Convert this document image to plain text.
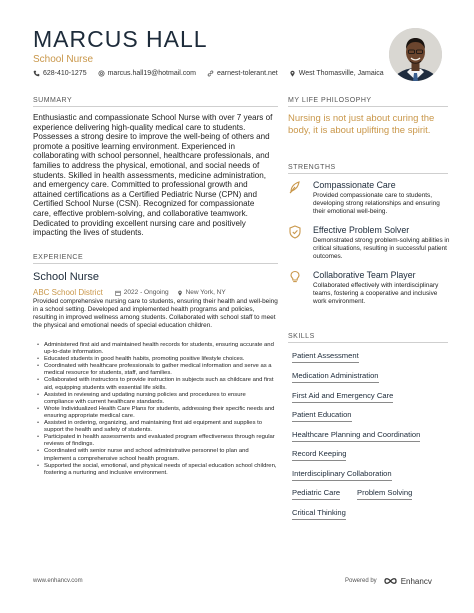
MARCUS HALL
School Nurse
628-410-1275	marcus.hall19@hotmail.com	earnest-tolerant.net	West Thomasville, Jamaica
SUMMARY
Enthusiastic and compassionate School Nurse with over 7 years of experience delivering high-quality medical care to students. Possesses a strong desire to improve the well-being of others and promote a positive learning environment. Experienced in collaborating with school personnel, healthcare professionals, and families to address the physical, emotional, and social needs of students. Skilled in health assessments, medicine administration, and emergency care. Committed to professional growth and attained certifications as a Certified Pediatric Nurse (CPN) and Certified School Nurse (CSN). Recognized for compassionate care, effective problem-solving, and collaborative teamwork. Dedicated to providing excellent nursing care and positively impacting the lives of students.
EXPERIENCE
School Nurse
ABC School District	2022 - Ongoing	New York, NY
Provided comprehensive nursing care to students, ensuring their health and well-being in a school setting. Developed and implemented health programs and policies, resulting in improved wellness among students. Collaborated with school staff to meet the physical and emotional needs of special education children.
• Administered first aid and maintained health records for students, ensuring accurate and up-to-date information.
• Educated students in good health habits, promoting positive lifestyle choices.
• Coordinated with healthcare professionals to gather medical information and serve as a medical resource for students, staff, and families.
• Collaborated with instructors to provide instruction in subjects such as childcare and first aid, equipping students with essential life skills.
• Assisted in reviewing and updating nursing policies and procedures to ensure compliance with current healthcare standards.
• Wrote Individualized Health Care Plans for students, addressing their specific needs and ensuring appropriate medical care.
• Assisted in ordering, organizing, and maintaining first aid equipment and supplies to support the health and safety of students.
• Participated in health assessments and evaluated program effectiveness through regular reviews of findings.
• Coordinated with senior nurse and school administrative personnel to plan and implement a comprehensive school health program.
• Supported the social, emotional, and physical needs of special education school children, fostering a nurturing and inclusive environment.
MY LIFE PHILOSOPHY
Nursing is not just about curing the body, it is about uplifting the spirit.
STRENGTHS
Compassionate Care
Provided compassionate care to students, developing strong relationships and ensuring their emotional well-being.
Effective Problem Solver
Demonstrated strong problem-solving abilities in critical situations, resulting in successful patient outcomes.
Collaborative Team Player
Collaborated effectively with interdisciplinary teams, fostering a cooperative and inclusive work environment.
SKILLS
Patient Assessment
Medication Administration
First Aid and Emergency Care
Patient Education
Healthcare Planning and Coordination
Record Keeping
Interdisciplinary Collaboration
Pediatric Care Problem Solving
Critical Thinking
www.enhancv.com	Powered by	Enhancv
